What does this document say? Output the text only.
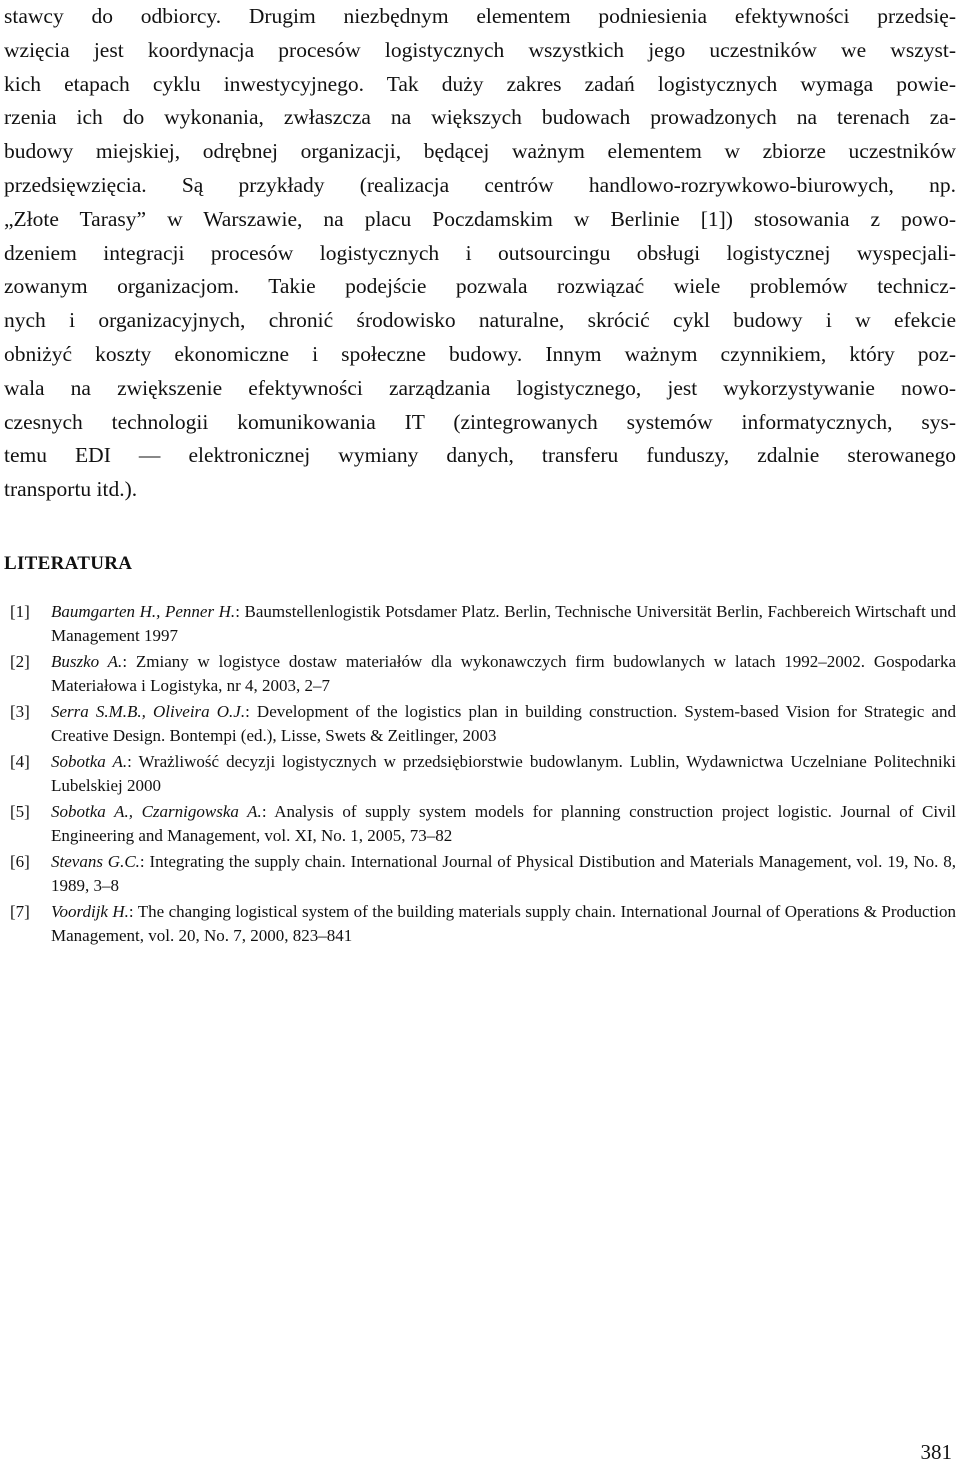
stawcy do odbiorcy. Drugim niezbędnym elementem podniesienia efektywności przedsię-
wzięcia jest koordynacja procesów logistycznych wszystkich jego uczestników we wszyst-
kich etapach cyklu inwestycyjnego. Tak duży zakres zadań logistycznych wymaga powie-
rzenia ich do wykonania, zwłaszcza na większych budowach prowadzonych na terenach za-
budowy miejskiej, odrębnej organizacji, będącej ważnym elementem w zbiorze uczestników
przedsięwzięcia. Są przykłady (realizacja centrów handlowo-rozrywkowo-biurowych, np.
„Złote Tarasy” w Warszawie, na placu Poczdamskim w Berlinie [1]) stosowania z powo-
dzeniem integracji procesów logistycznych i outsourcingu obsługi logistycznej wyspecjali-
zowanym organizacjom. Takie podejście pozwala rozwiązać wiele problemów technicz-
nych i organizacyjnych, chronić środowisko naturalne, skrócić cykl budowy i w efekcie
obniżyć koszty ekonomiczne i społeczne budowy. Innym ważnym czynnikiem, który poz-
wala na zwiększenie efektywności zarządzania logistycznego, jest wykorzystywanie nowo-
czesnych technologii komunikowania IT (zintegrowanych systemów informatycznych, sys-
temu EDI — elektronicznej wymiany danych, transferu funduszy, zdalnie sterowanego
transportu itd.).
LITERATURA
[1] Baumgarten H., Penner H.: Baumstellenlogistik Potsdamer Platz. Berlin, Technische Universität Berlin, Fachbereich Wirtschaft und Management 1997
[2] Buszko A.: Zmiany w logistyce dostaw materiałów dla wykonawczych firm budowlanych w latach 1992–2002. Gospodarka Materiałowa i Logistyka, nr 4, 2003, 2–7
[3] Serra S.M.B., Oliveira O.J.: Development of the logistics plan in building construction. System-based Vision for Strategic and Creative Design. Bontempi (ed.), Lisse, Swets & Zeitlinger, 2003
[4] Sobotka A.: Wrażliwość decyzji logistycznych w przedsiębiorstwie budowlanym. Lublin, Wydawnictwa Uczelniane Politechniki Lubelskiej 2000
[5] Sobotka A., Czarnigowska A.: Analysis of supply system models for planning construction project logistic. Journal of Civil Engineering and Management, vol. XI, No. 1, 2005, 73–82
[6] Stevans G.C.: Integrating the supply chain. International Journal of Physical Distibution and Materials Management, vol. 19, No. 8, 1989, 3–8
[7] Voordijk H.: The changing logistical system of the building materials supply chain. International Journal of Operations & Production Management, vol. 20, No. 7, 2000, 823–841
381
